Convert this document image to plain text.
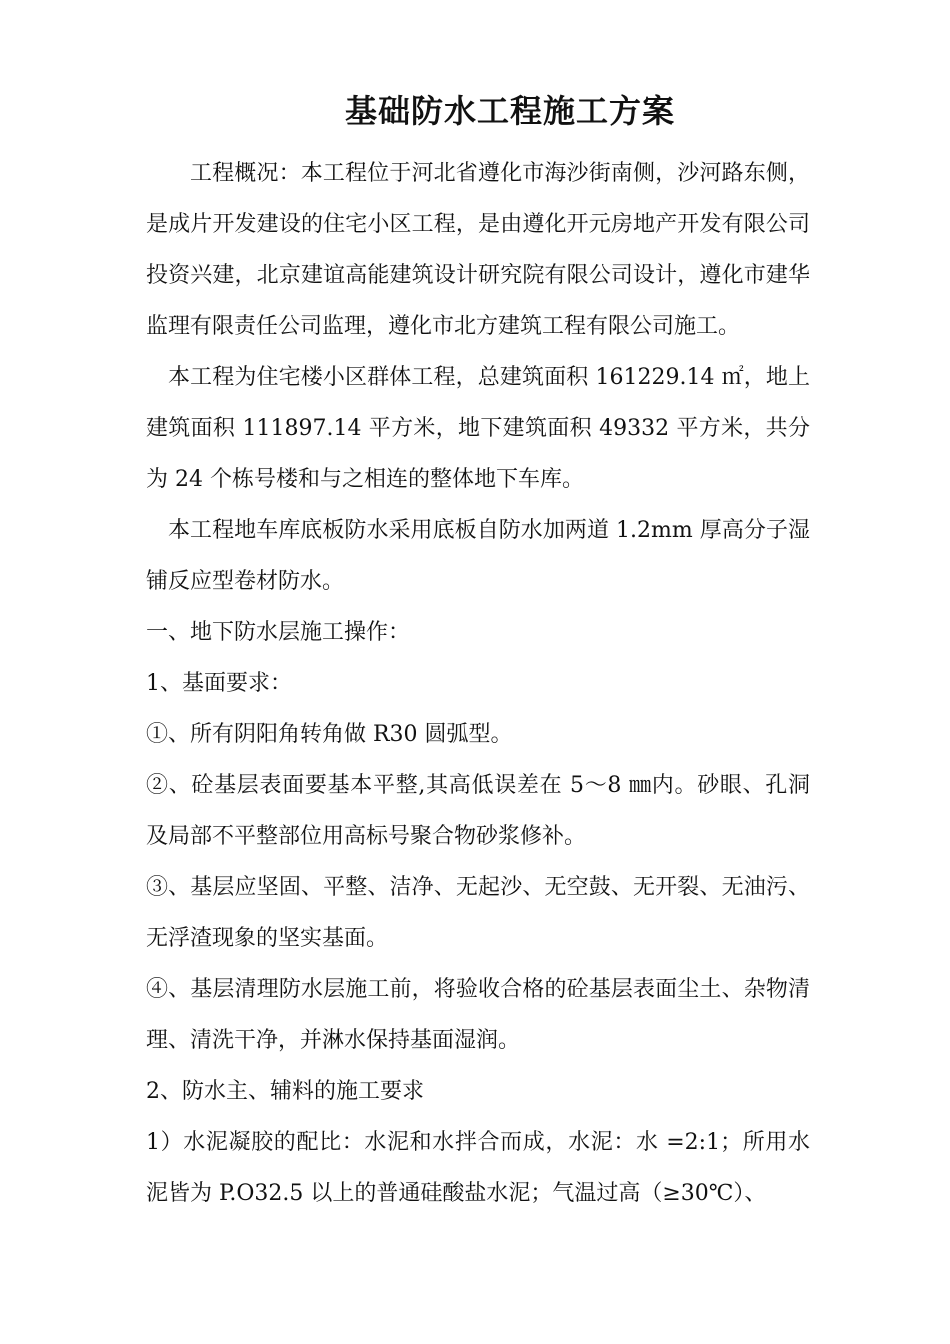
基础防水工程施工方案

工程概况：本工程位于河北省遵化市海沙街南侧，沙河路东侧，是成片开发建设的住宅小区工程，是由遵化开元房地产开发有限公司投资兴建，北京建谊高能建筑设计研究院有限公司设计，遵化市建华监理有限责任公司监理，遵化市北方建筑工程有限公司施工。

本工程为住宅楼小区群体工程，总建筑面积 161229.14 ㎡，地上建筑面积 111897.14 平方米，地下建筑面积 49332 平方米，共分为 24 个栋号楼和与之相连的整体地下车库。

本工程地车库底板防水采用底板自防水加两道 1.2mm 厚高分子湿铺反应型卷材防水。

一、地下防水层施工操作：

1、基面要求：

①、所有阴阳角转角做 R30 圆弧型。

②、砼基层表面要基本平整,其高低误差在 5～8 ㎜内。砂眼、孔洞及局部不平整部位用高标号聚合物砂浆修补。

③、基层应坚固、平整、洁净、无起沙、无空鼓、无开裂、无油污、无浮渣现象的坚实基面。

④、基层清理防水层施工前，将验收合格的砼基层表面尘土、杂物清理、清洗干净，并淋水保持基面湿润。

2、防水主、辅料的施工要求

1）水泥凝胶的配比：水泥和水拌合而成，水泥：水 =2:1；所用水泥皆为 P.O32.5 以上的普通硅酸盐水泥；气温过高（≥30℃）、
